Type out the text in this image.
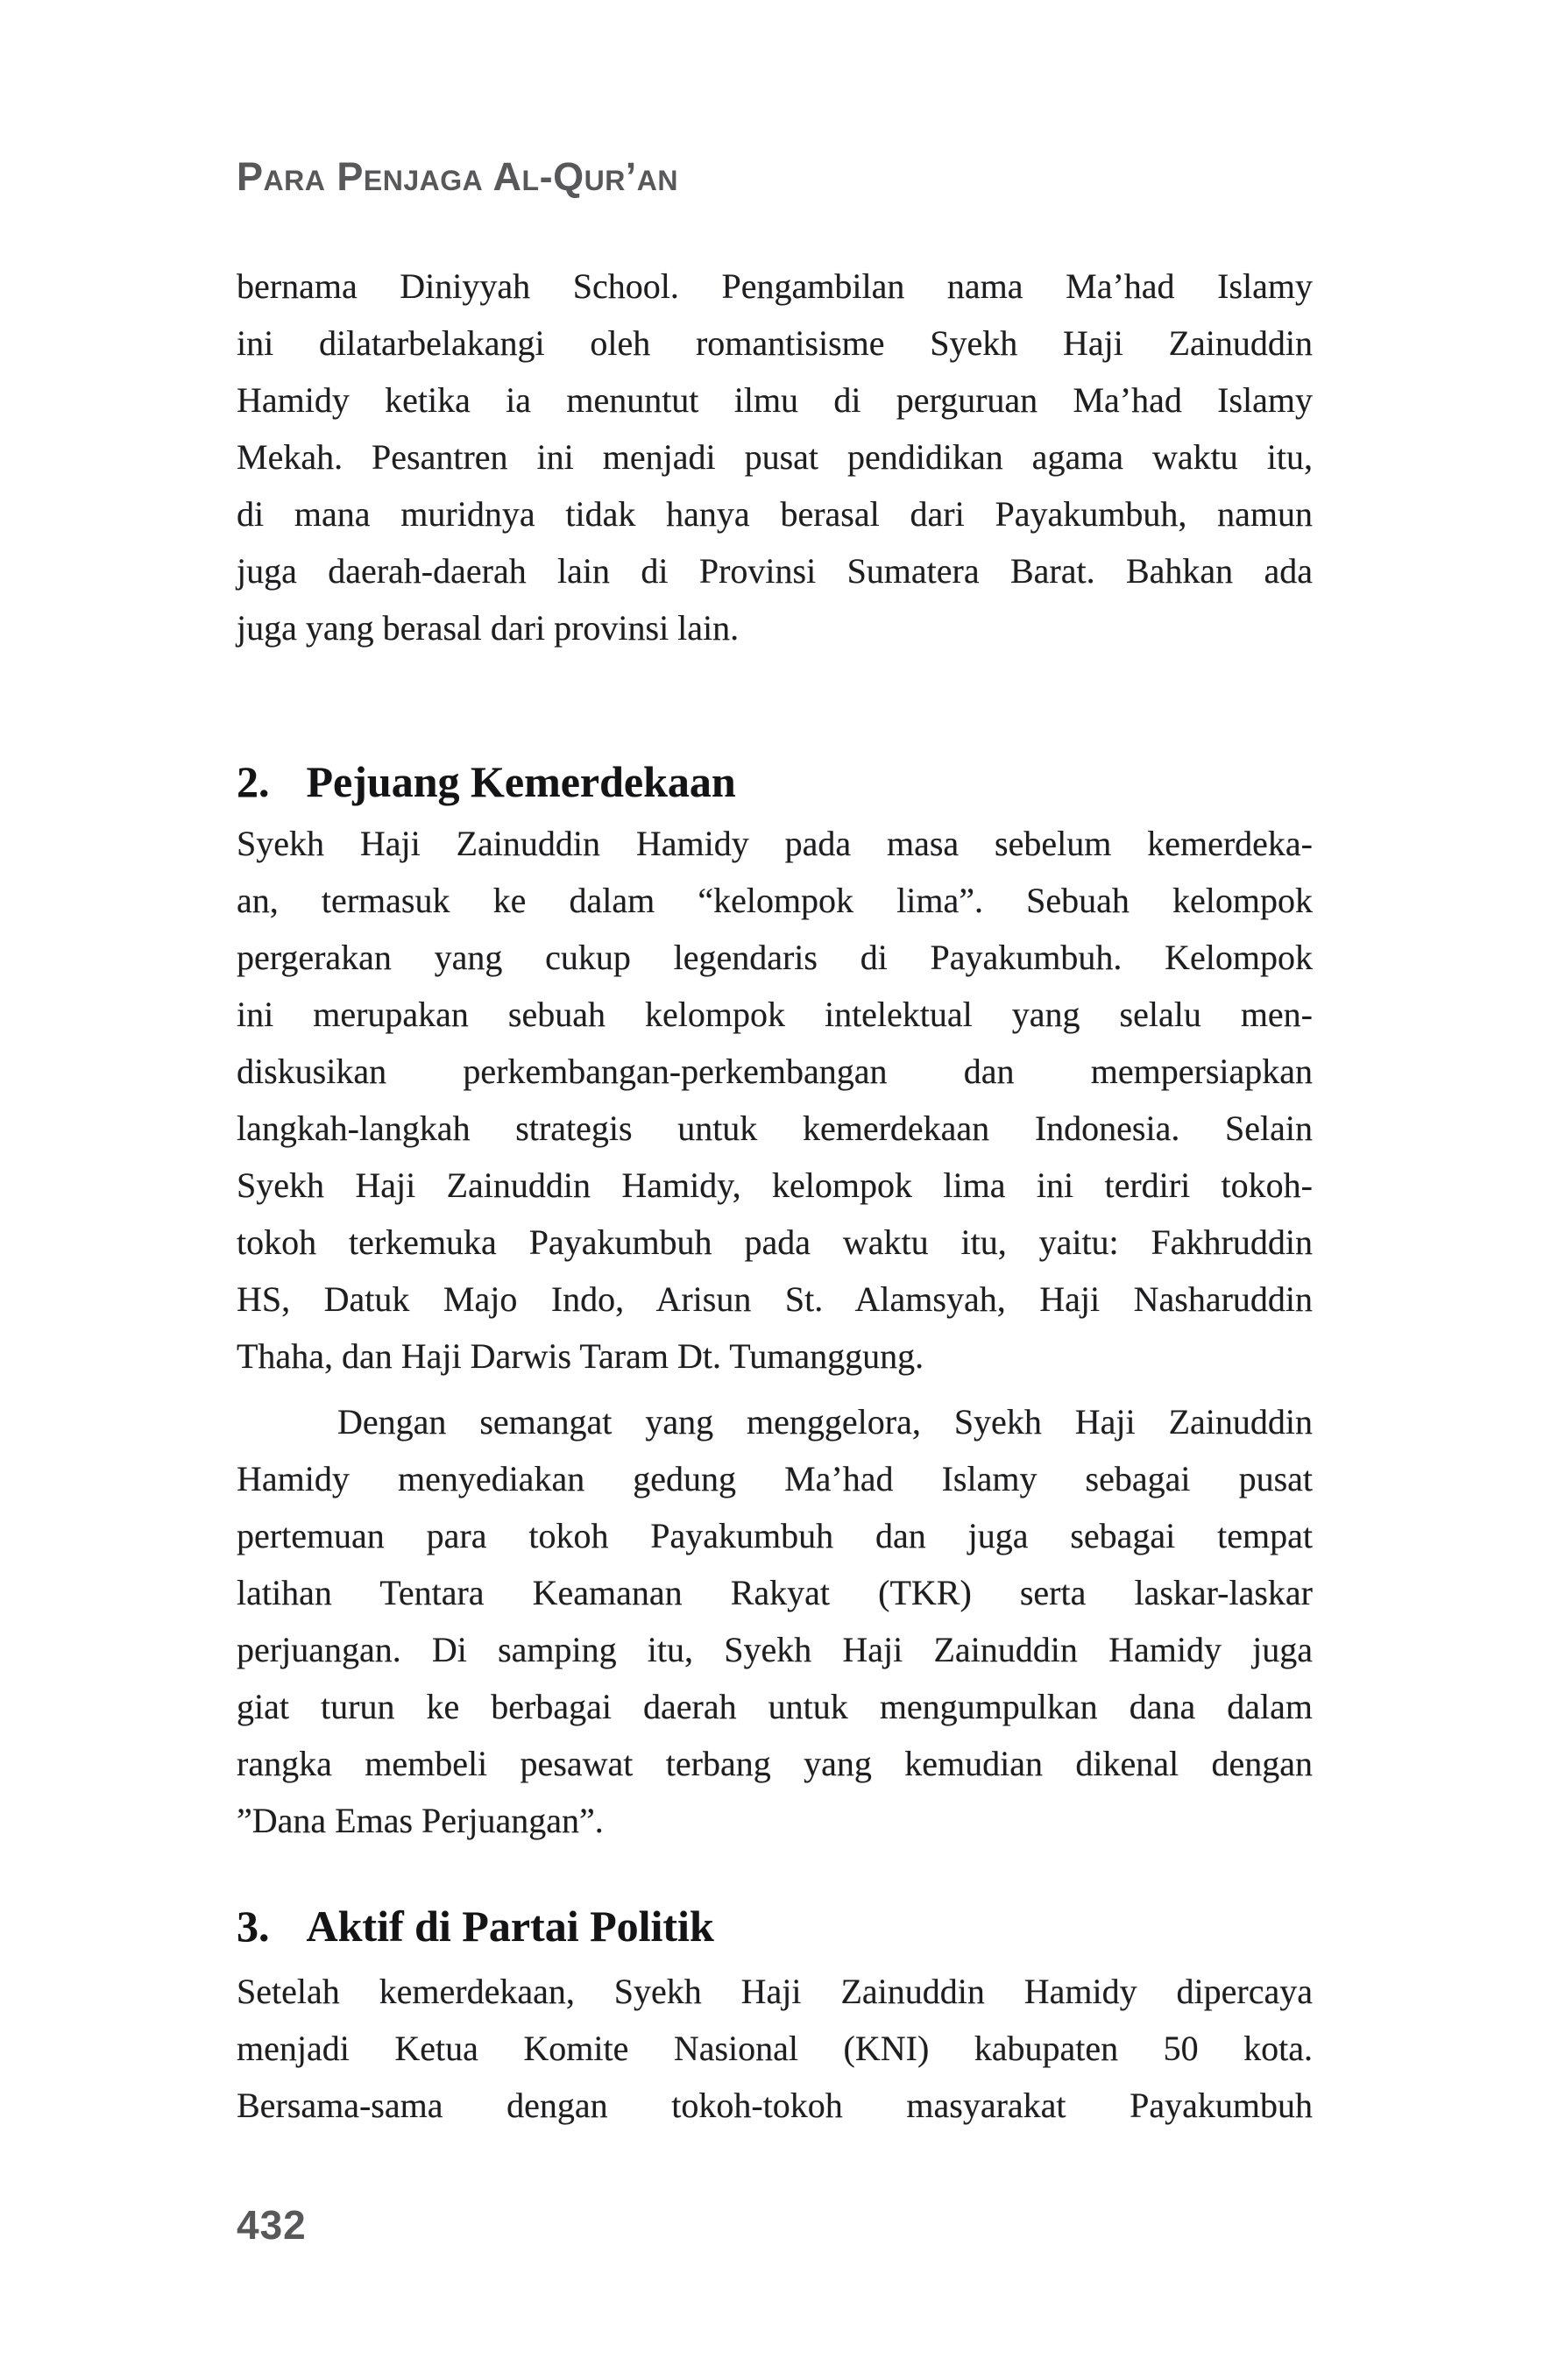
Para Penjaga Al-Qur’an
bernama Diniyyah School. Pengambilan nama Ma’had Islamy
ini dilatarbelakangi oleh romantisisme Syekh Haji Zainuddin
Hamidy ketika ia menuntut ilmu di perguruan Ma’had Islamy
Mekah. Pesantren ini menjadi pusat pendidikan agama waktu itu,
di mana muridnya tidak hanya berasal dari Payakumbuh, namun
juga daerah-daerah lain di Provinsi Sumatera Barat. Bahkan ada
juga yang berasal dari provinsi lain.
2. Pejuang Kemerdekaan
Syekh Haji Zainuddin Hamidy pada masa sebelum kemerdeka-
an, termasuk ke dalam “kelompok lima”. Sebuah kelompok
pergerakan yang cukup legendaris di Payakumbuh. Kelompok
ini merupakan sebuah kelompok intelektual yang selalu men-
diskusikan perkembangan-perkembangan dan mempersiapkan
langkah-langkah strategis untuk kemerdekaan Indonesia. Selain
Syekh Haji Zainuddin Hamidy, kelompok lima ini terdiri tokoh-
tokoh terkemuka Payakumbuh pada waktu itu, yaitu: Fakhruddin
HS, Datuk Majo Indo, Arisun St. Alamsyah, Haji Nasharuddin
Thaha, dan Haji Darwis Taram Dt. Tumanggung.
Dengan semangat yang menggelora, Syekh Haji Zainuddin
Hamidy menyediakan gedung Ma’had Islamy sebagai pusat
pertemuan para tokoh Payakumbuh dan juga sebagai tempat
latihan Tentara Keamanan Rakyat (TKR) serta laskar-laskar
perjuangan. Di samping itu, Syekh Haji Zainuddin Hamidy juga
giat turun ke berbagai daerah untuk mengumpulkan dana dalam
rangka membeli pesawat terbang yang kemudian dikenal dengan
”Dana Emas Perjuangan”.
3. Aktif di Partai Politik
Setelah kemerdekaan, Syekh Haji Zainuddin Hamidy dipercaya
menjadi Ketua Komite Nasional (KNI) kabupaten 50 kota.
Bersama-sama dengan tokoh-tokoh masyarakat Payakumbuh
432
